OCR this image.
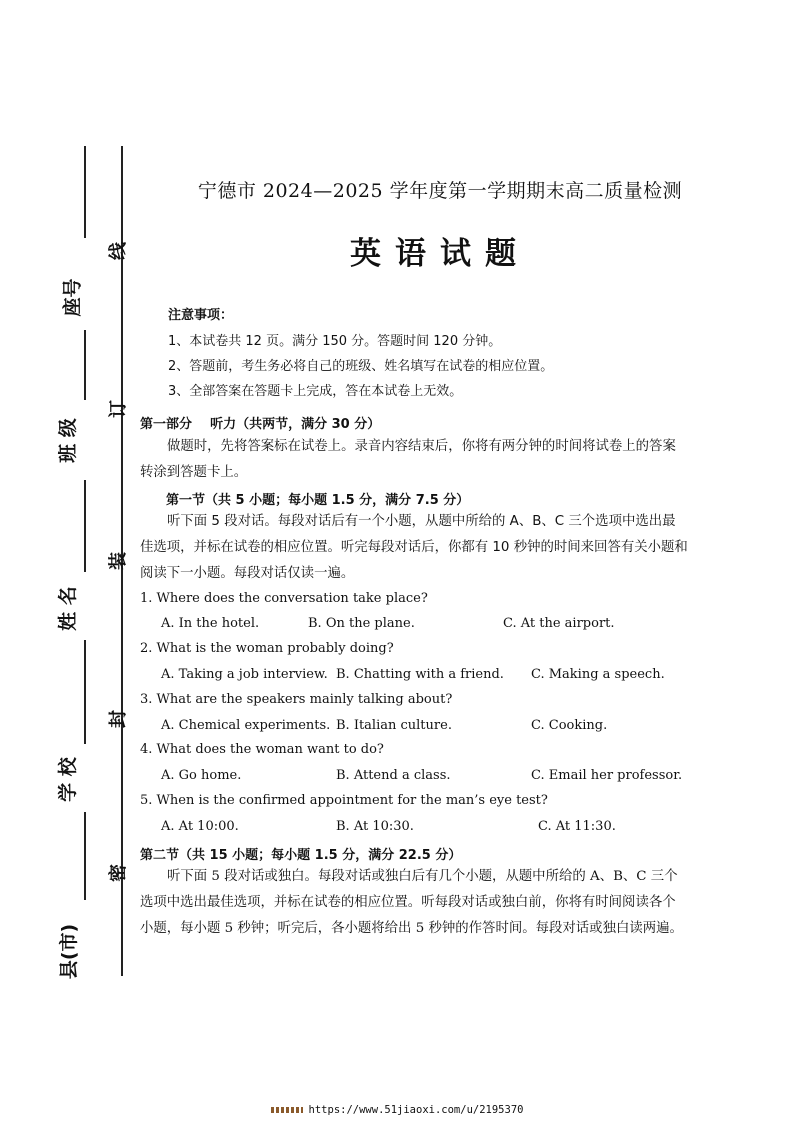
座号
班 级
姓 名
学 校
县(市)
线
订
装
封
密
宁德市 2024—2025 学年度第一学期期末高二质量检测
英语试题
注意事项：
1、本试卷共 12 页。满分 150 分。答题时间 120 分钟。
2、答题前，考生务必将自己的班级、姓名填写在试卷的相应位置。
3、全部答案在答题卡上完成，答在本试卷上无效。
第一部分    听力（共两节，满分 30 分）
做题时，先将答案标在试卷上。录音内容结束后，你将有两分钟的时间将试卷上的答案转涂到答题卡上。
第一节（共 5 小题；每小题 1.5 分，满分 7.5 分）
听下面 5 段对话。每段对话后有一个小题，从题中所给的 A、B、C 三个选项中选出最佳选项，并标在试卷的相应位置。听完每段对话后，你都有 10 秒钟的时间来回答有关小题和阅读下一小题。每段对话仅读一遍。
1. Where does the conversation take place?
A. In the hotel.	B. On the plane.	C. At the airport.
2. What is the woman probably doing?
A. Taking a job interview. B. Chatting with a friend. C. Making a speech.
3. What are the speakers mainly talking about?
A. Chemical experiments. B. Italian culture.	C. Cooking.
4. What does the woman want to do?
A. Go home.	B. Attend a class.	C. Email her professor.
5. When is the confirmed appointment for the man’s eye test?
A. At 10:00.	B. At 10:30.	C. At 11:30.
第二节（共 15 小题；每小题 1.5 分，满分 22.5 分）
听下面 5 段对话或独白。每段对话或独白后有几个小题，从题中所给的 A、B、C 三个选项中选出最佳选项，并标在试卷的相应位置。听每段对话或独白前，你将有时间阅读各个小题，每小题 5 秒钟；听完后，各小题将给出 5 秒钟的作答时间。每段对话或独白读两遍。
https://www.51jiaoxi.com/u/2195370
